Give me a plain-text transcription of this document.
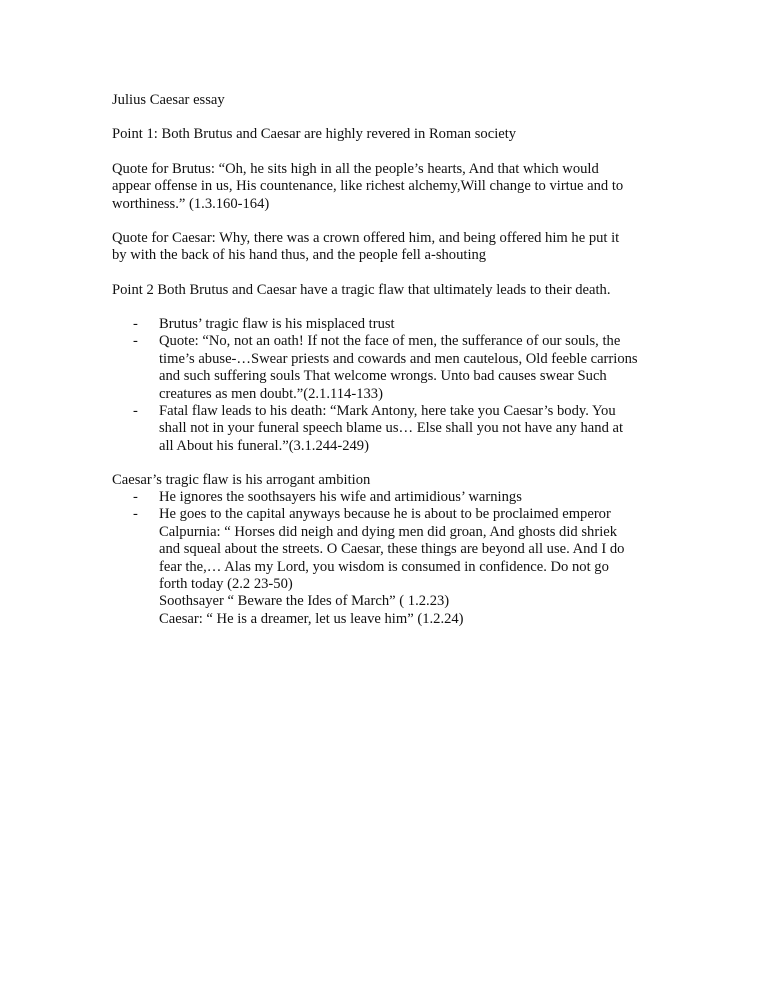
Julius Caesar essay

Point 1: Both Brutus and Caesar are highly revered in Roman society

Quote for Brutus: “Oh, he sits high in all the people’s hearts, And that which would
appear offense in us, His countenance, like richest alchemy,Will change to virtue and to
worthiness.” (1.3.160-164)

Quote for Caesar: Why, there was a crown offered him, and being offered him he put it
by with the back of his hand thus, and the people fell a-shouting

Point 2 Both Brutus and Caesar have a tragic flaw that ultimately leads to their death.

- Brutus’ tragic flaw is his misplaced trust
- Quote: “No, not an oath! If not the face of men, the sufferance of our souls, the
time’s abuse-…Swear priests and cowards and men cautelous, Old feeble carrions
and such suffering souls That welcome wrongs. Unto bad causes swear Such
creatures as men doubt.”(2.1.114-133)
- Fatal flaw leads to his death: “Mark Antony, here take you Caesar’s body. You
shall not in your funeral speech blame us… Else shall you not have any hand at
all About his funeral.”(3.1.244-249)

Caesar’s tragic flaw is his arrogant ambition

- He ignores the soothsayers his wife and artimidious’ warnings
- He goes to the capital anyways because he is about to be proclaimed emperor
Calpurnia: “ Horses did neigh and dying men did groan, And ghosts did shriek
and squeal about the streets. O Caesar, these things are beyond all use. And I do
fear the,… Alas my Lord, you wisdom is consumed in confidence. Do not go
forth today (2.2 23-50)
Soothsayer “ Beware the Ides of March” ( 1.2.23)
Caesar: “ He is a dreamer, let us leave him” (1.2.24)
